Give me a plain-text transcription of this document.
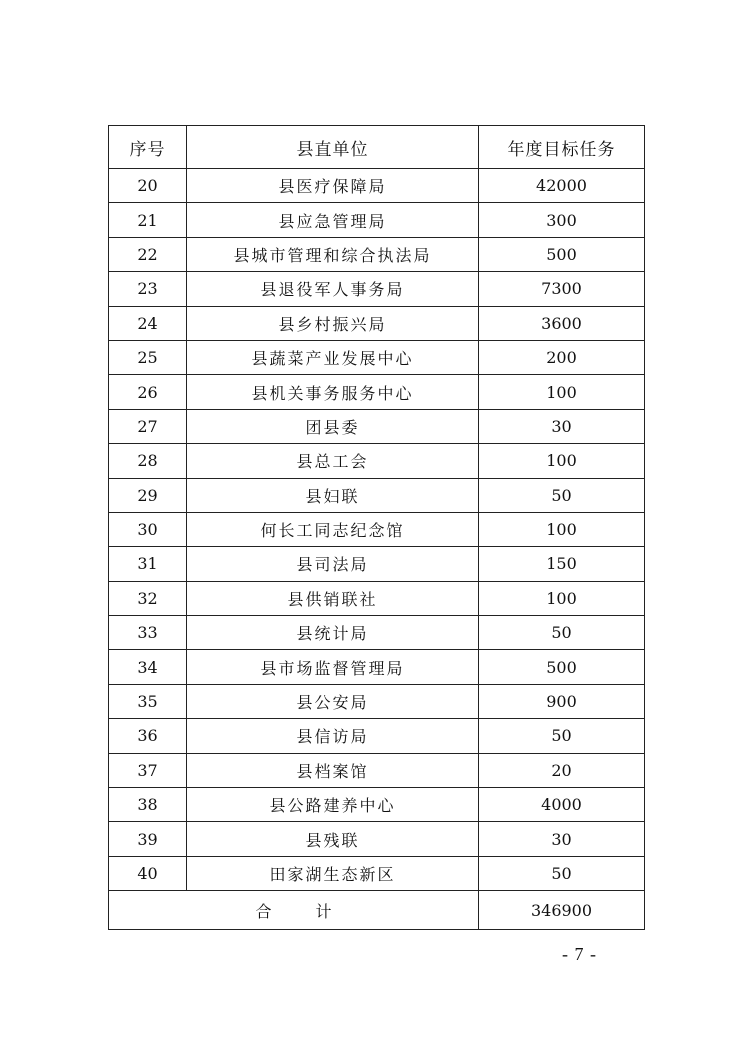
序号	县直单位	年度目标任务
20	县医疗保障局	42000
21	县应急管理局	300
22	县城市管理和综合执法局	500
23	县退役军人事务局	7300
24	县乡村振兴局	3600
25	县蔬菜产业发展中心	200
26	县机关事务服务中心	100
27	团县委	30
28	县总工会	100
29	县妇联	50
30	何长工同志纪念馆	100
31	县司法局	150
32	县供销联社	100
33	县统计局	50
34	县市场监督管理局	500
35	县公安局	900
36	县信访局	50
37	县档案馆	20
38	县公路建养中心	4000
39	县残联	30
40	田家湖生态新区	50
合 计		346900
- 7 -
